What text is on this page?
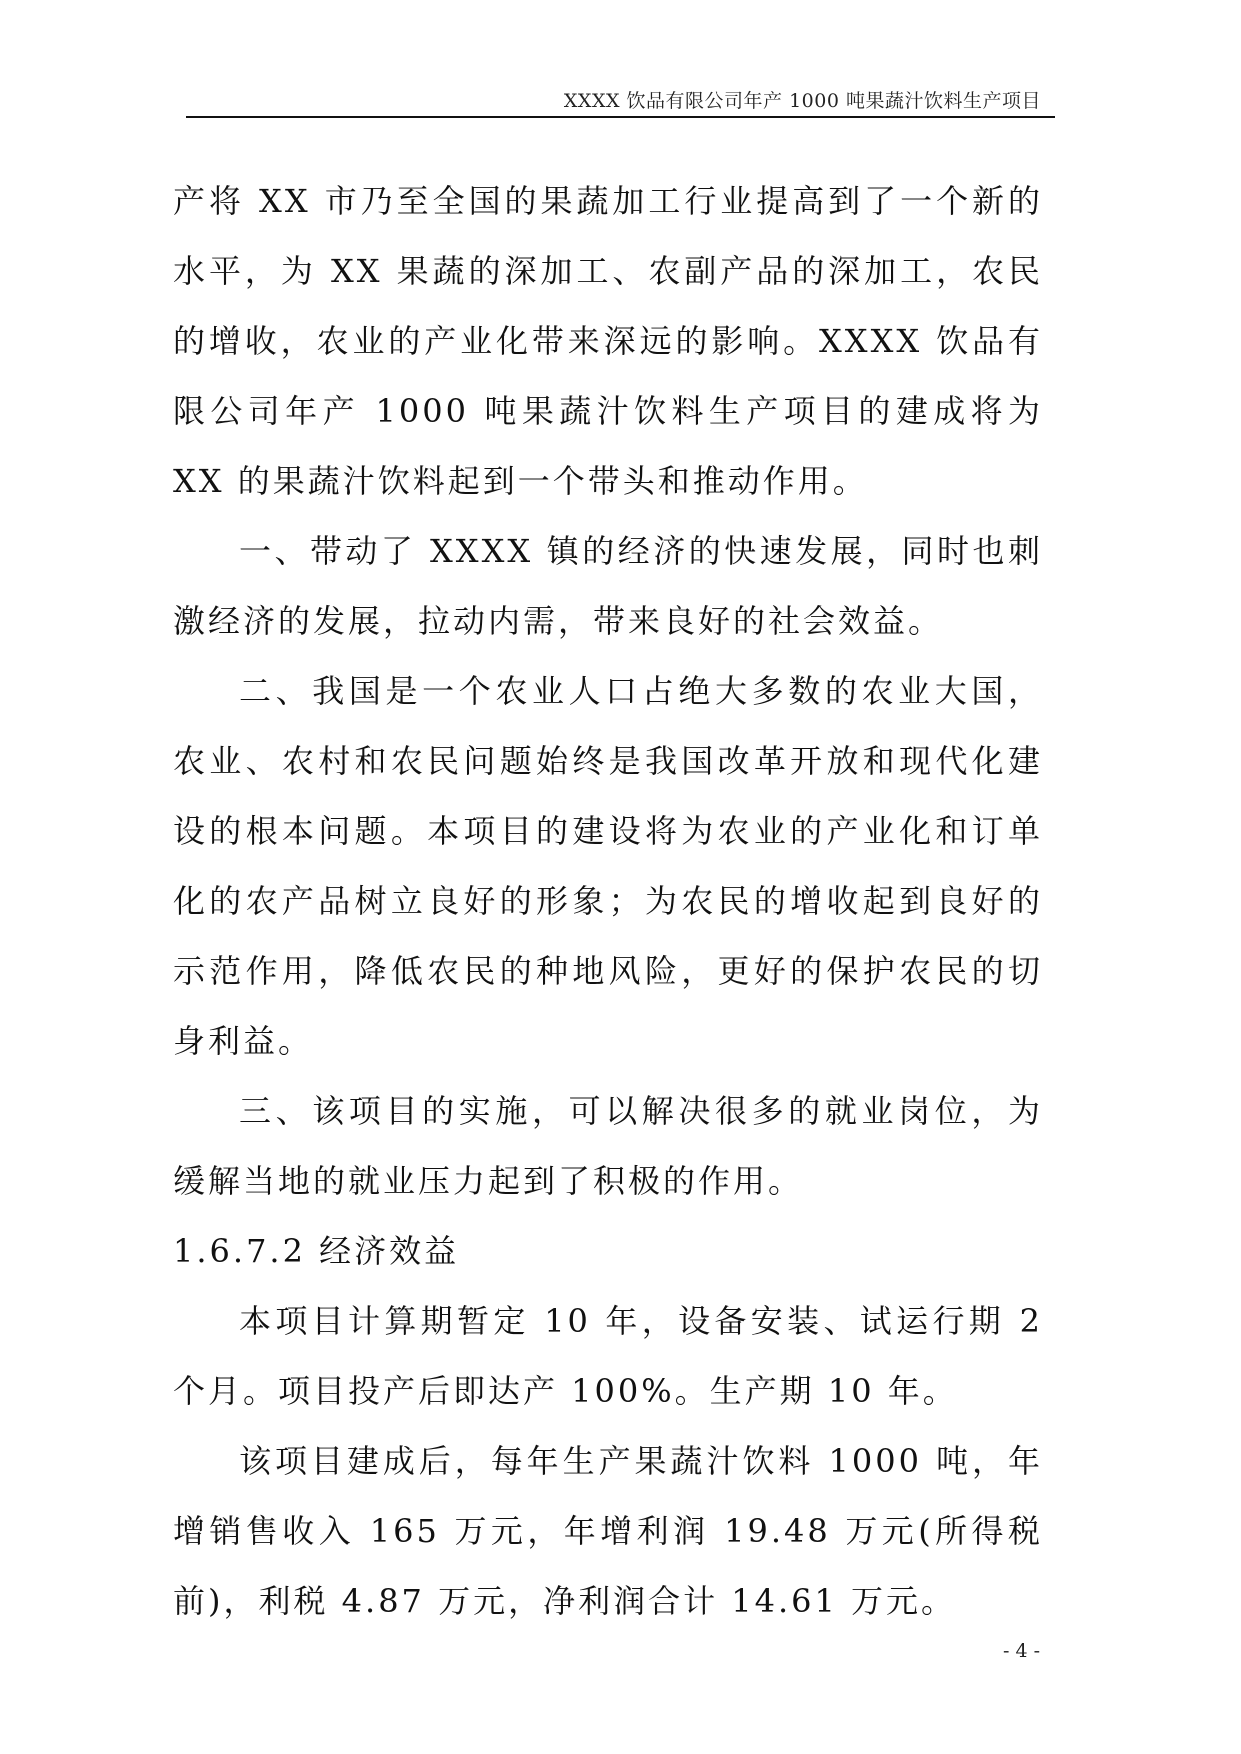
XXXX 饮品有限公司年产 1000 吨果蔬汁饮料生产项目

产将 XX 市乃至全国的果蔬加工行业提高到了一个新的水平，为 XX 果蔬的深加工、农副产品的深加工，农民的增收，农业的产业化带来深远的影响。XXXX 饮品有限公司年产 1000 吨果蔬汁饮料生产项目的建成将为 XX 的果蔬汁饮料起到一个带头和推动作用。

一、带动了 XXXX 镇的经济的快速发展，同时也刺激经济的发展，拉动内需，带来良好的社会效益。

二、我国是一个农业人口占绝大多数的农业大国，农业、农村和农民问题始终是我国改革开放和现代化建设的根本问题。本项目的建设将为农业的产业化和订单化的农产品树立良好的形象；为农民的增收起到良好的示范作用，降低农民的种地风险，更好的保护农民的切身利益。

三、该项目的实施，可以解决很多的就业岗位，为缓解当地的就业压力起到了积极的作用。

1.6.7.2 经济效益

本项目计算期暂定 10 年，设备安装、试运行期 2 个月。项目投产后即达产 100%。生产期 10 年。

该项目建成后，每年生产果蔬汁饮料 1000 吨，年增销售收入 165 万元，年增利润 19.48 万元(所得税前)，利税 4.87 万元，净利润合计 14.61 万元。

- 4 -
